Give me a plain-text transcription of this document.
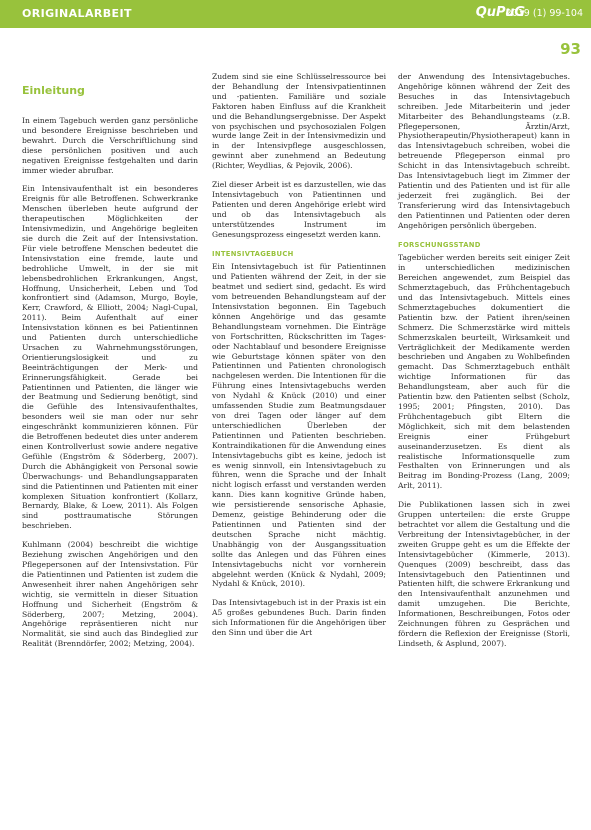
ORIGINALARBEIT	QuPuG
2019 (1) 99-104
93
Einleitung

In einem Tagebuch werden ganz persönliche und besondere Ereignisse beschrieben und bewahrt. Durch die Verschriftlichung sind diese persönlichen positiven und auch negativen Ereignisse festgehalten und darin immer wieder abrufbar.

Ein Intensivaufenthalt ist ein besonderes Ereignis für alle Betroffenen. Schwerkranke Menschen überleben heute aufgrund der therapeutischen Möglichkeiten der Intensivmedizin, und Angehörige begleiten sie durch die Zeit auf der Intensivstation. Für viele betroffene Menschen bedeutet die Intensivstation eine fremde, laute und bedrohliche Umwelt, in der sie mit lebensbedrohlichen Erkrankungen, Angst, Hoffnung, Unsicherheit, Leben und Tod konfrontiert sind (Adamson, Murgo, Boyle, Kerr, Crawford, & Elliott, 2004; Nagl-Cupal, 2011). Beim Aufenthalt auf einer Intensivstation können es bei Patientinnen und Patienten durch unterschiedliche Ursachen zu Wahrnehmungsstörungen, Orientierungslosigkeit und zu Beeinträchtigungen der Merk- und Erinnerungsfähigkeit. Gerade bei Patientinnen und Patienten, die länger wie der Beatmung und Sedierung benötigt, sind die Gefühle des Intensivaufenthaltes, besonders weil sie man oder nur sehr eingeschränkt kommunizieren können. Für die Betroffenen bedeutet dies unter anderem einen Kontrollverlust sowie andere negative Gefühle (Engström & Söderberg, 2007). Durch die Abhängigkeit von Personal sowie Überwachungs- und Behandlungsapparaten sind die Patientinnen und Patienten mit einer komplexen Situation konfrontiert (Kollarz, Bernardy, Blake, & Loew, 2011). Als Folgen sind posttraumatische Störungen beschrieben.

Kuhlmann (2004) beschreibt die wichtige Beziehung zwischen Angehörigen und den Pflegepersonen auf der Intensivstation. Für die Patientinnen und Patienten ist zudem die Anwesenheit ihrer nahen Angehörigen sehr wichtig, sie vermitteln in dieser Situation Hoffnung und Sicherheit (Engström & Söderberg, 2007; Metzing, 2004). Angehörige repräsentieren nicht nur Normalität, sie sind auch das Bindeglied zur Realität (Brenndörfer, 2002; Metzing, 2004).

Zudem sind sie eine Schlüsselressource bei der Behandlung der Intensivpatientinnen und -patienten. Familiäre und soziale Faktoren haben Einfluss auf die Krankheit und die Behandlungsergebnisse. Der Aspekt von psychischen und psychosozialen Folgen wurde lange Zeit in der Intensivmedizin und in der Intensivpflege ausgeschlossen, gewinnt aber zunehmend an Bedeutung (Richter, Weydlias, & Pejovik, 2006).

Ziel dieser Arbeit ist es darzustellen, wie das Intensivtagebuch von Patientinnen und Patienten und deren Angehörige erlebt wird und ob das Intensivtagebuch als unterstützendes Instrument im Genesungsprozess eingesetzt werden kann.

INTENSIVTAGEBUCH

Ein Intensivtagebuch ist für Patientinnen und Patienten während der Zeit, in der sie beatmet und sediert sind, gedacht. Es wird vom betreuenden Behandlungsteam auf der Intensivstation begonnen. Ein Tagebuch können Angehörige und das gesamte Behandlungsteam vornehmen. Die Einträge von Fortschritten, Rückschritten im Tages- oder Nachtablauf und besondere Ereignisse wie Geburtstage können später von den Patientinnen und Patienten chronologisch nachgelesen werden. Die Intentionen für die Führung eines Intensivtagebuchs werden von Nydahl & Knück (2010) und einer umfassenden Studie zum Beatmungsdauer von drei Tagen oder länger auf dem unterschiedlichen Überleben der Patientinnen und Patienten beschrieben. Kontraindikationen für die Anwendung eines Intensivtagebuchs gibt es keine, jedoch ist es wenig sinnvoll, ein Intensivtagebuch zu führen, wenn die Sprache und der Inhalt nicht logisch erfasst und verstanden werden kann. Dies kann kognitive Gründe haben, wie persistierende sensorische Aphasie, Demenz, geistige Behinderung oder die Patientinnen und Patienten sind der deutschen Sprache nicht mächtig. Unabhängig von der Ausgangssituation sollte das Anlegen und das Führen eines Intensivtagebuchs nicht vor vornherein abgelehnt werden (Knück & Nydahl, 2009; Nydahl & Knück, 2010).

Das Intensivtagebuch ist in der Praxis ist ein A5 großes gebundenes Buch. Darin finden sich Informationen für die Angehörigen über den Sinn und über die Art

der Anwendung des Intensivtagebuches. Angehörige können während der Zeit des Besuches in das Intensivtagebuch schreiben. Jede Mitarbeiterin und jeder Mitarbeiter des Behandlungsteams (z.B. Pflegepersonen, Ärztin/Arzt, Physiotherapeutin/Physiotherapeut) kann in das Intensivtagebuch schreiben, wobei die betreuende Pflegeperson einmal pro Schicht in das Intensivtagebuch schreibt. Das Intensivtagebuch liegt im Zimmer der Patientin und des Patienten und ist für alle jederzeit frei zugänglich. Bei der Transferierung wird das Intensivtagebuch den Patientinnen und Patienten oder deren Angehörigen persönlich übergeben.

FORSCHUNGSSTAND

Tagebücher werden bereits seit einiger Zeit in unterschiedlichen medizinischen Bereichen angewendet, zum Beispiel das Schmerztagebuch, das Frühchentagebuch und das Intensivtagebuch. Mittels eines Schmerztagebuches dokumentiert die Patientin bzw. der Patient ihren/seinen Schmerz. Die Schmerzstärke wird mittels Schmerzskalen beurteilt, Wirksamkeit und Verträglichkeit der Medikamente werden beschrieben und Angaben zu Wohlbefinden gemacht. Das Schmerztagebuch enthält wichtige Informationen für das Behandlungsteam, aber auch für die Patientin bzw. den Patienten selbst (Scholz, 1995; 2001; Pfingsten, 2010). Das Frühchentagebuch gibt Eltern die Möglichkeit, sich mit dem belastenden Ereignis einer Frühgeburt auseinanderzusetzen. Es dient als realistische Informationsquelle zum Festhalten von Erinnerungen und als Beitrag im Bonding-Prozess (Lang, 2009; Arlt, 2011).

Die Publikationen lassen sich in zwei Gruppen unterteilen: die erste Gruppe betrachtet vor allem die Gestaltung und die Verbreitung der Intensivtagebücher, in der zweiten Gruppe geht es um die Effekte der Intensivtagebücher (Kimmerle, 2013). Quenques (2009) beschreibt, dass das Intensivtagebuch den Patientinnen und Patienten hilft, die schwere Erkrankung und den Intensivaufenthalt anzunehmen und damit umzugehen. Die Berichte, Informationen, Beschreibungen, Fotos oder Zeichnungen führen zu Gesprächen und fördern die Reflexion der Ereignisse (Storli, Lindseth, & Asplund, 2007).
